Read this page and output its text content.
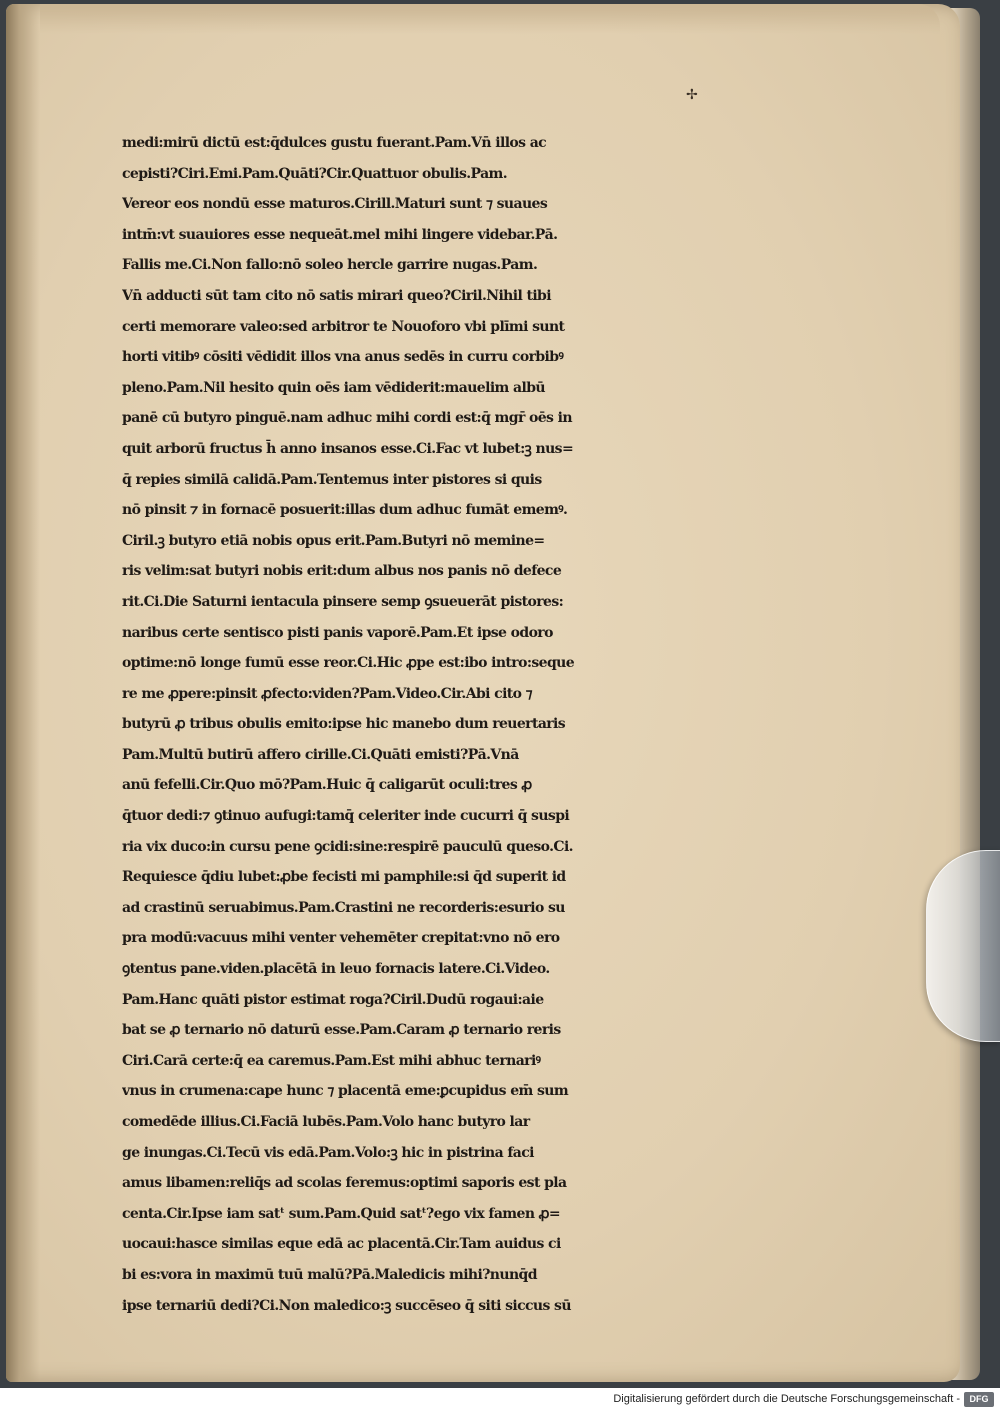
✢
medi:mirū dictū est:q̄dulces gustu fuerant.Pam.Vn̄ illos ac
cepisti?Ciri.Emi.Pam.Quāti?Cir.Quattuor obulis.Pam.
Vereor eos nondū esse maturos.Cirill.Maturi sunt ⁊ suaues
intm̄:vt suauiores esse nequeāt.mel mihi lingere videbar.Pā.
Fallis me.Ci.Non fallo:nō soleo hercle garrire nugas.Pam.
Vn̄ adducti sūt tam cito nō satis mirari queo?Ciril.Nihil tibi
certi memorare valeo:sed arbitror te Nouoforo vbi plīmi sunt
horti vitibꝰ cōsiti vēdidit illos vna anus sedēs in curru corbibꝰ
pleno.Pam.Nil hesito quin oēs iam vēdiderit:mauelim albū
panē cū butyro pinguē.nam adhuc mihi cordi est:q̄ mgr̄ oēs in
quit arborū fructus h̄ anno insanos esse.Ci.Fac vt lubet:ꝫ nus=
q̄ repies similā calidā.Pam.Tentemus inter pistores si quis
nō pinsit ⁊ in fornacē posuerit:illas dum adhuc fumāt ememꝰ.
Ciril.ꝫ butyro etiā nobis opus erit.Pam.Butyri nō memine=
ris velim:sat butyri nobis erit:dum albus nos panis nō defece
rit.Ci.Die Saturni ientacula pinsere semp ꝯsueuerāt pistores:
naribus certe sentisco pisti panis vaporē.Pam.Et ipse odoro
optime:nō longe fumū esse reor.Ci.Hic ꝓpe est:ibo intro:seque
re me ꝓpere:pinsit ꝓfecto:viden?Pam.Video.Cir.Abi cito ⁊
butyrū ꝓ tribus obulis emito:ipse hic manebo dum reuertaris
Pam.Multū butirū affero cirille.Ci.Quāti emisti?Pā.Vnā
anū fefelli.Cir.Quo mō?Pam.Huic q̄ caligarūt oculi:tres ꝓ
q̄tuor dedi:⁊ ꝯtinuo aufugi:tamq̄ celeriter inde cucurri q̄ suspi
ria vix duco:in cursu pene ꝯcidi:sine:respirē pauculū queso.Ci.
Requiesce q̄diu lubet:ꝓbe fecisti mi pamphile:si q̄d superit id
ad crastinū seruabimus.Pam.Crastini ne recorderis:esurio su
pra modū:vacuus mihi venter vehemēter crepitat:vno nō ero
ꝯtentus pane.viden.placētā in leuo fornacis latere.Ci.Video.
Pam.Hanc quāti pistor estimat roga?Ciril.Dudū rogaui:aie
bat se ꝓ ternario nō daturū esse.Pam.Caram ꝓ ternario reris
Ciri.Carā certe:q̄ ea caremus.Pam.Est mihi abhuc ternariꝰ
vnus in crumena:cape hunc ⁊ placentā eme:ꝑcupidus em̄ sum
comedēde illius.Ci.Faciā lubēs.Pam.Volo hanc butyro lar
ge inungas.Ci.Tecū vis edā.Pam.Volo:ꝫ hic in pistrina faci
amus libamen:reliq̄s ad scolas feremus:optimi saporis est pla
centa.Cir.Ipse iam satᵗ sum.Pam.Quid satᵗ?ego vix famen ꝓ=
uocaui:hasce similas eque edā ac placentā.Cir.Tam auidus ci
bi es:vora in maximū tuū malū?Pā.Maledicis mihi?nunq̄d
ipse ternariū dedi?Ci.Non maledico:ꝫ succēseo q̄ siti siccus sū
Digitalisierung gefördert durch die Deutsche Forschungsgemeinschaft -	DFG
